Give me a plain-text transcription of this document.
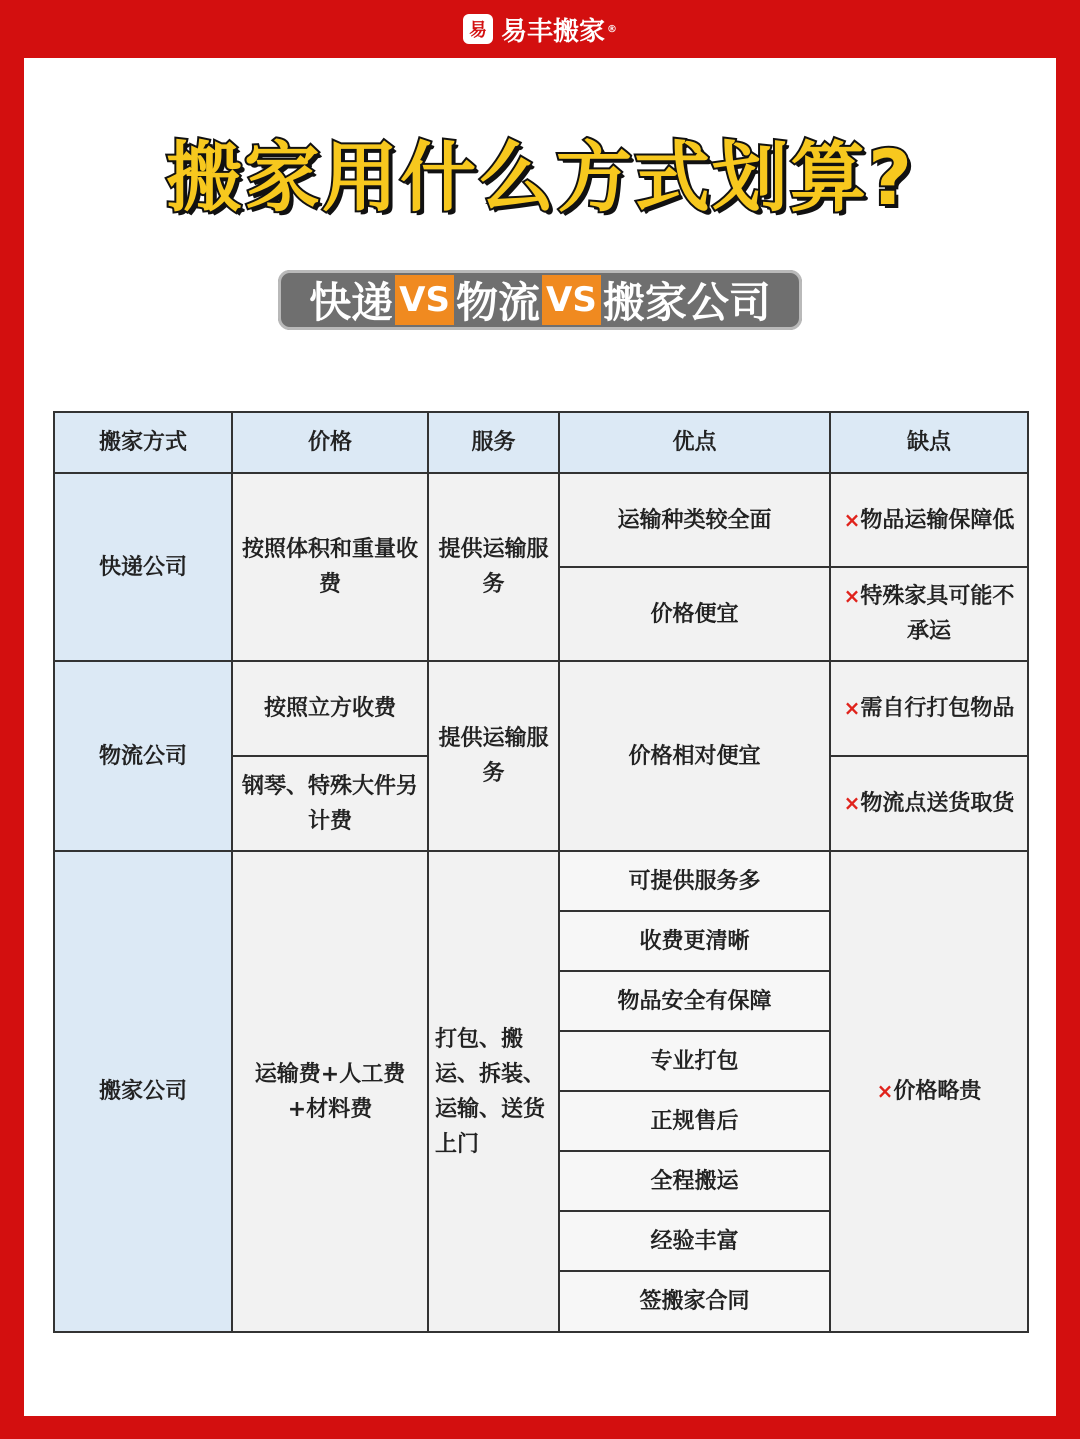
易 易丰搬家 ®
搬家用什么方式划算?
快递 VS 物流 VS 搬家公司
搬家方式	价格	服务	优点	缺点
快递公司	按照体积和重量收费	提供运输服务	运输种类较全面	×物品运输保障低
			价格便宜	×特殊家具可能不承运
物流公司	按照立方收费	提供运输服务	价格相对便宜	×需自行打包物品
	钢琴、特殊大件另计费			×物流点送货取货
搬家公司	运输费+人工费+材料费	打包、搬运、拆装、运输、送货上门	可提供服务多	×价格略贵
			收费更清晰	
			物品安全有保障	
			专业打包	
			正规售后	
			全程搬运	
			经验丰富	
			签搬家合同	
